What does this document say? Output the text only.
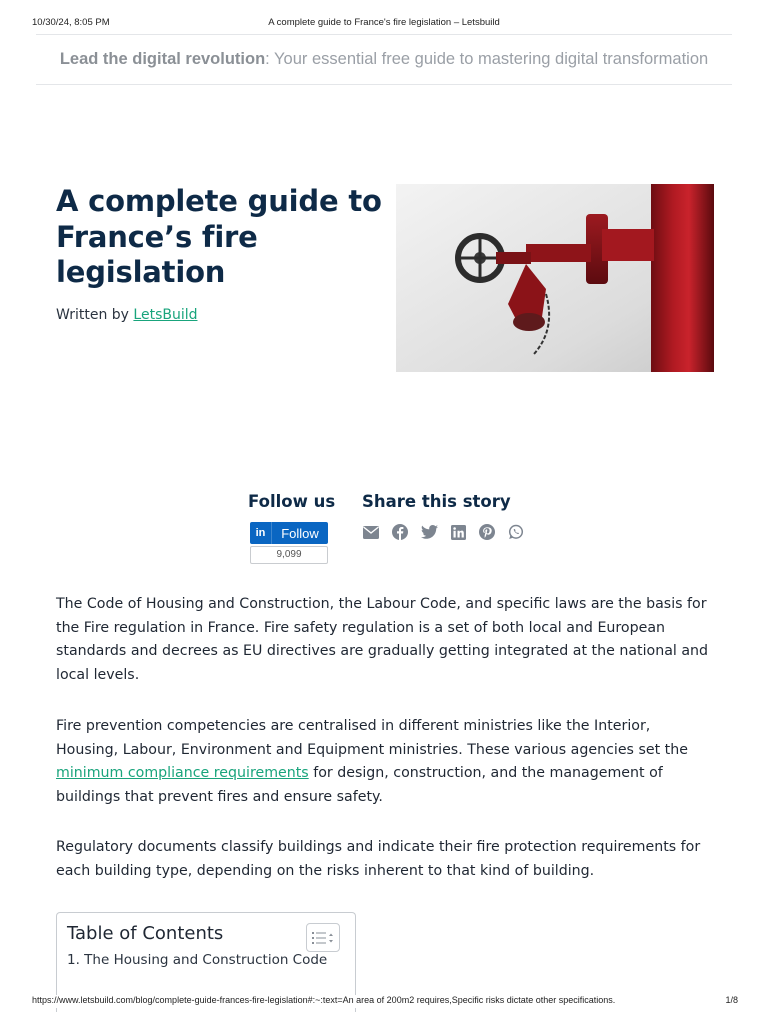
10/30/24, 8:05 PM	A complete guide to France's fire legislation – Letsbuild
Lead the digital revolution : Your essential free guide to mastering digital transformation
A complete guide to France’s fire legislation
Written by LetsBuild
Follow us Share this story
in	Follow
9,099

The Code of Housing and Construction, the Labour Code, and specific laws are the basis for the Fire regulation in France. Fire safety regulation is a set of both local and European standards and decrees as EU directives are gradually getting integrated at the national and local levels.

Fire prevention competencies are centralised in different ministries like the Interior, Housing, Labour, Environment and Equipment ministries. These various agencies set the minimum compliance requirements for design, construction, and the management of buildings that prevent fires and ensure safety.

Regulatory documents classify buildings and indicate their fire protection requirements for each building type, depending on the risks inherent to that kind of building.

Table of Contents
1. The Housing and Construction Code
https://www.letsbuild.com/blog/complete-guide-frances-fire-legislation#:~:text=An area of 200m2 requires,Specific risks dictate other specifications.	1/8
